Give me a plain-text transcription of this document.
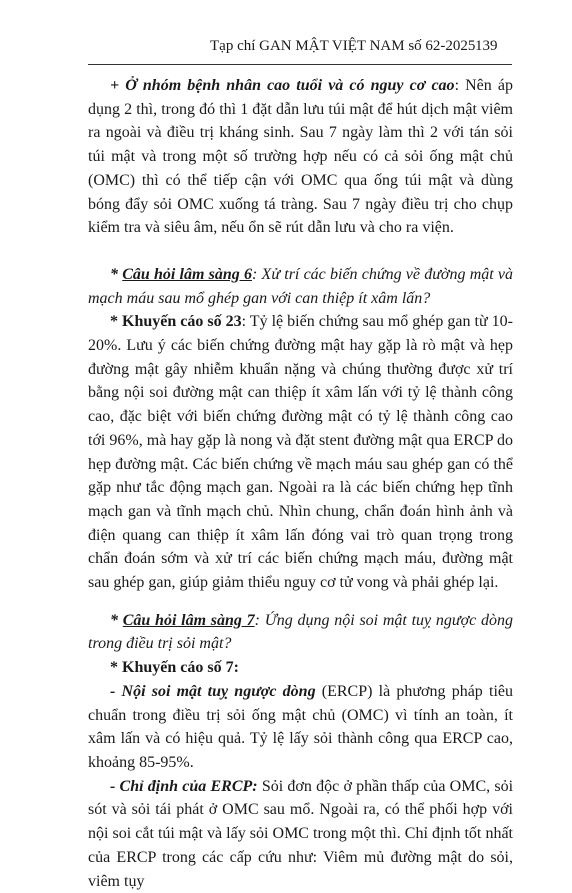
Tạp chí GAN MẬT VIỆT NAM số 62-2025 139

+ Ở nhóm bệnh nhân cao tuổi và có nguy cơ cao: Nên áp dụng 2 thì, trong đó thì 1 đặt dẫn lưu túi mật để hút dịch mật viêm ra ngoài và điều trị kháng sinh. Sau 7 ngày làm thì 2 với tán sỏi túi mật và trong một số trường hợp nếu có cả sỏi ống mật chủ (OMC) thì có thể tiếp cận với OMC qua ống túi mật và dùng bóng đẩy sỏi OMC xuống tá tràng. Sau 7 ngày điều trị cho chụp kiểm tra và siêu âm, nếu ổn sẽ rút dẫn lưu và cho ra viện.

* Câu hỏi lâm sàng 6: Xử trí các biến chứng về đường mật và mạch máu sau mổ ghép gan với can thiệp ít xâm lấn?

* Khuyến cáo số 23: Tỷ lệ biến chứng sau mổ ghép gan từ 10-20%. Lưu ý các biến chứng đường mật hay gặp là rò mật và hẹp đường mật gây nhiễm khuẩn nặng và chúng thường được xử trí bằng nội soi đường mật can thiệp ít xâm lấn với tỷ lệ thành công cao, đặc biệt với biến chứng đường mật có tỷ lệ thành công cao tới 96%, mà hay gặp là nong và đặt stent đường mật qua ERCP do hẹp đường mật. Các biến chứng về mạch máu sau ghép gan có thể gặp như tắc động mạch gan. Ngoài ra là các biến chứng hẹp tĩnh mạch gan và tĩnh mạch chủ. Nhìn chung, chẩn đoán hình ảnh và điện quang can thiệp ít xâm lấn đóng vai trò quan trọng trong chẩn đoán sớm và xử trí các biến chứng mạch máu, đường mật sau ghép gan, giúp giảm thiểu nguy cơ tử vong và phải ghép lại.

* Câu hỏi lâm sàng 7: Ứng dụng nội soi mật tuỵ ngược dòng trong điều trị sỏi mật?

* Khuyến cáo số 7:

- Nội soi mật tuỵ ngược dòng (ERCP) là phương pháp tiêu chuẩn trong điều trị sỏi ống mật chủ (OMC) vì tính an toàn, ít xâm lấn và có hiệu quả. Tỷ lệ lấy sỏi thành công qua ERCP cao, khoảng 85-95%.

- Chỉ định của ERCP: Sỏi đơn độc ở phần thấp của OMC, sỏi sót và sỏi tái phát ở OMC sau mổ. Ngoài ra, có thể phối hợp với nội soi cắt túi mật và lấy sỏi OMC trong một thì. Chỉ định tốt nhất của ERCP trong các cấp cứu như: Viêm mủ đường mật do sỏi, viêm tụy
